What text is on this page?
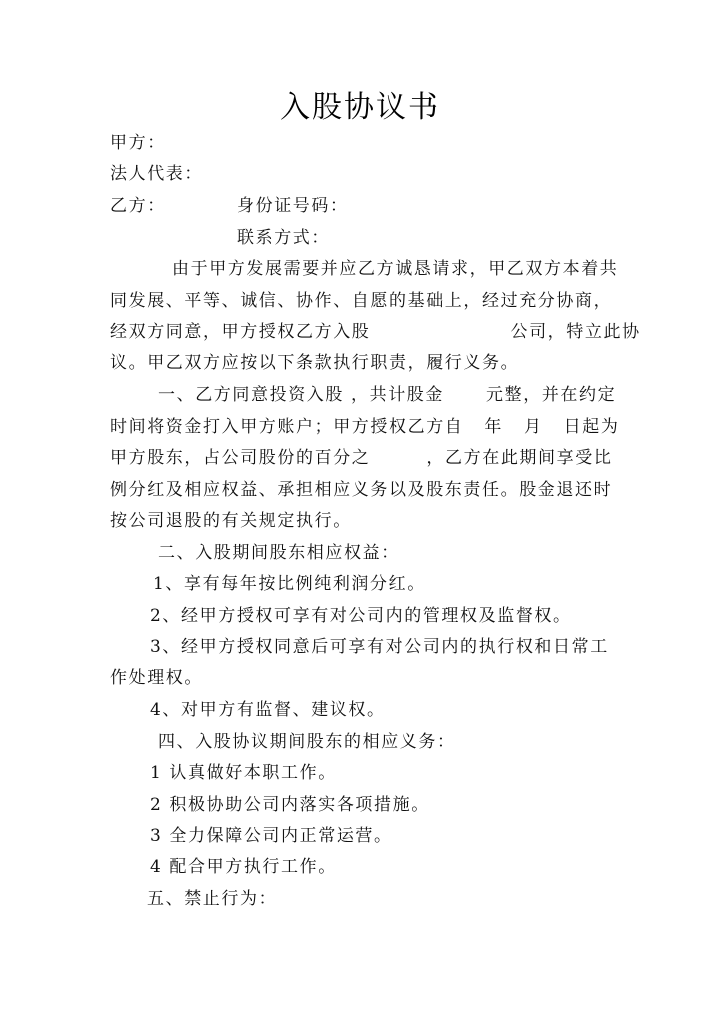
入股协议书
甲方：
法人代表：
乙方：	身份证号码：
联系方式：
由于甲方发展需要并应乙方诚恳请求，甲乙双方本着共
同发展、平等、诚信、协作、自愿的基础上，经过充分协商，
经双方同意，甲方授权乙方入股                    公司，特立此协
议。甲乙双方应按以下条款执行职责，履行义务。
一、乙方同意投资入股 ，共计股金      元整，并在约定
时间将资金打入甲方账户；甲方授权乙方自   年   月   日起为
甲方股东，占公司股份的百分之        ，乙方在此期间享受比
例分红及相应权益、承担相应义务以及股东责任。股金退还时
按公司退股的有关规定执行。
二、入股期间股东相应权益：
1、享有每年按比例纯利润分红。
2、经甲方授权可享有对公司内的管理权及监督权。
3、经甲方授权同意后可享有对公司内的执行权和日常工
作处理权。
4、对甲方有监督、建议权。
四、入股协议期间股东的相应义务：
1 认真做好本职工作。
2 积极协助公司内落实各项措施。
3 全力保障公司内正常运营。
4 配合甲方执行工作。
五、禁止行为：
